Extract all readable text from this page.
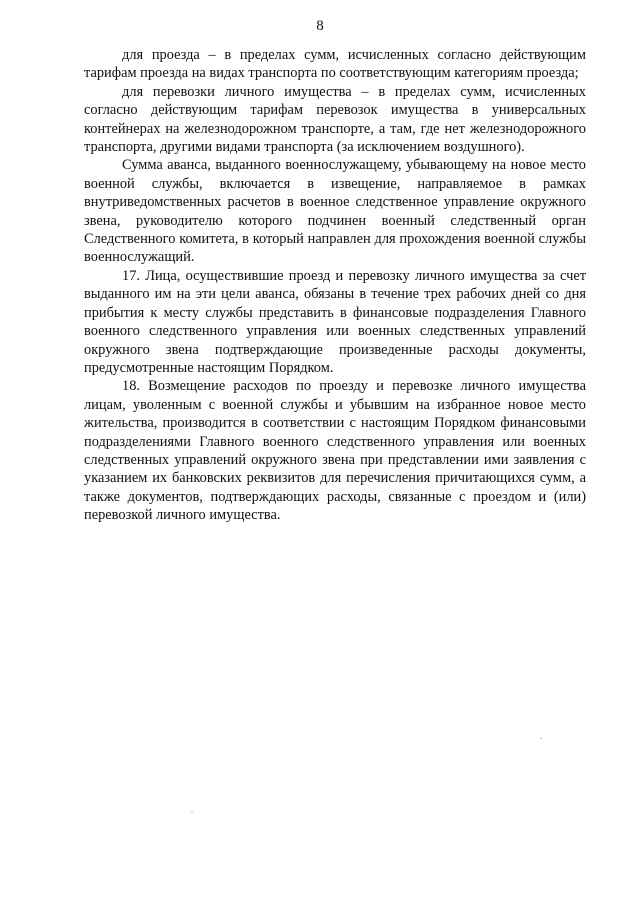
8

для проезда – в пределах сумм, исчисленных согласно действующим тарифам проезда на видах транспорта по соответствующим категориям проезда;

для перевозки личного имущества – в пределах сумм, исчисленных согласно действующим тарифам перевозок имущества в универсальных контейнерах на железнодорожном транспорте, а там, где нет железнодорожного транспорта, другими видами транспорта (за исключением воздушного).

Сумма аванса, выданного военнослужащему, убывающему на новое место военной службы, включается в извещение, направляемое в рамках внутриведомственных расчетов в военное следственное управление окружного звена, руководителю которого подчинен военный следственный орган Следственного комитета, в который направлен для прохождения военной службы военнослужащий.

17. Лица, осуществившие проезд и перевозку личного имущества за счет выданного им на эти цели аванса, обязаны в течение трех рабочих дней со дня прибытия к месту службы представить в финансовые подразделения Главного военного следственного управления или военных следственных управлений окружного звена подтверждающие произведенные расходы документы, предусмотренные настоящим Порядком.

18. Возмещение расходов по проезду и перевозке личного имущества лицам, уволенным с военной службы и убывшим на избранное новое место жительства, производится в соответствии с настоящим Порядком финансовыми подразделениями Главного военного следственного управления или военных следственных управлений окружного звена при представлении ими заявления с указанием их банковских реквизитов для перечисления причитающихся сумм, а также документов, подтверждающих расходы, связанные с проездом и (или) перевозкой личного имущества.
